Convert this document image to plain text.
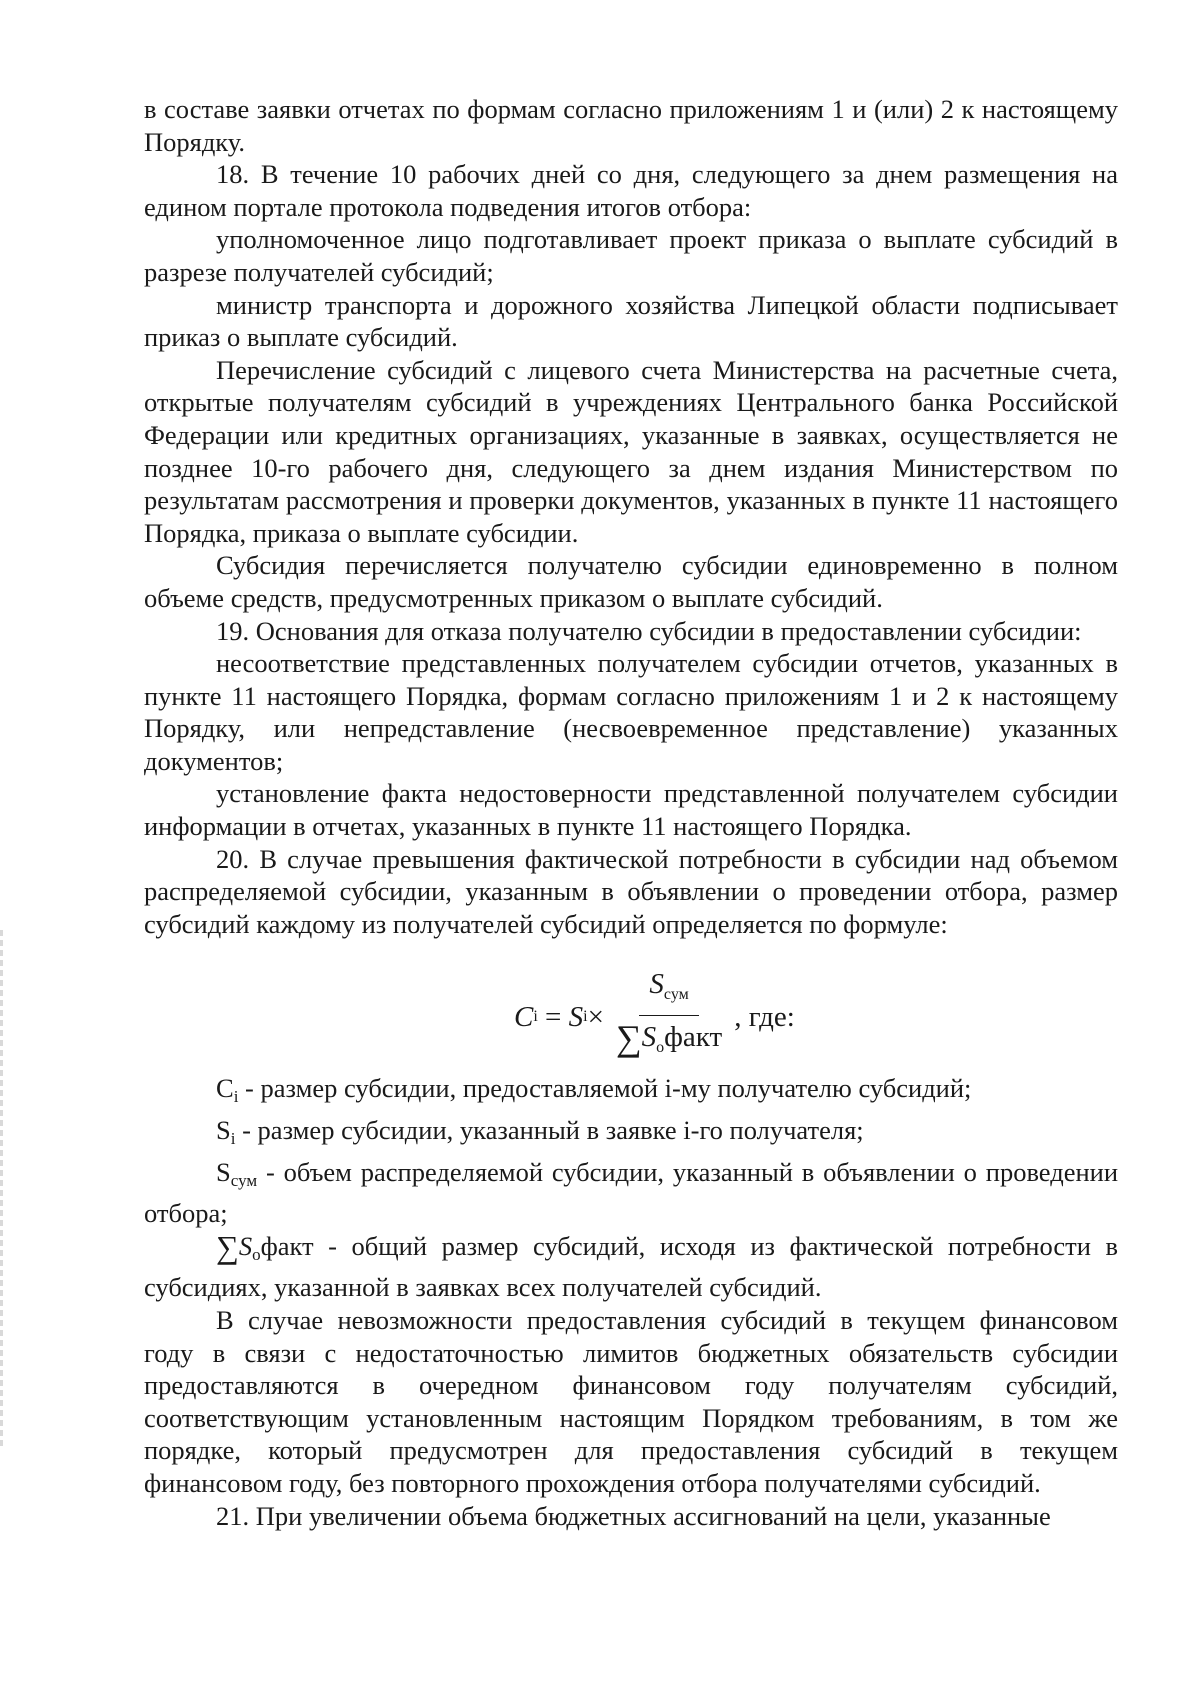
в составе заявки отчетах по формам согласно приложениям 1 и (или) 2 к настоящему Порядку.

18. В течение 10 рабочих дней со дня, следующего за днем размещения на едином портале протокола подведения итогов отбора:

уполномоченное лицо подготавливает проект приказа о выплате субсидий в разрезе получателей субсидий;

министр транспорта и дорожного хозяйства Липецкой области подписывает приказ о выплате субсидий.

Перечисление субсидий с лицевого счета Министерства на расчетные счета, открытые получателям субсидий в учреждениях Центрального банка Российской Федерации или кредитных организациях, указанные в заявках, осуществляется не позднее 10-го рабочего дня, следующего за днем издания Министерством по результатам рассмотрения и проверки документов, указанных в пункте 11 настоящего Порядка, приказа о выплате субсидии.

Субсидия перечисляется получателю субсидии единовременно в полном объеме средств, предусмотренных приказом о выплате субсидий.

19. Основания для отказа получателю субсидии в предоставлении субсидии:

несоответствие представленных получателем субсидии отчетов, указанных в пункте 11 настоящего Порядка, формам согласно приложениям 1 и 2 к настоящему Порядку, или непредставление (несвоевременное представление) указанных документов;

установление факта недостоверности представленной получателем субсидии информации в отчетах, указанных в пункте 11 настоящего Порядка.

20. В случае превышения фактической потребности в субсидии над объемом распределяемой субсидии, указанным в объявлении о проведении отбора, размер субсидий каждому из получателей субсидий определяется по формуле:

C i = S $i \times \frac{S_{сум}}{\sum S_офакт}$ , где:

Ci - размер субсидии, предоставляемой i-му получателю субсидий;

Si - размер субсидии, указанный в заявке i-го получателя;

Sсум - объем распределяемой субсидии, указанный в объявлении о проведении отбора;

∑Sофакт - общий размер субсидий, исходя из фактической потребности в субсидиях, указанной в заявках всех получателей субсидий.

В случае невозможности предоставления субсидий в текущем финансовом году в связи с недостаточностью лимитов бюджетных обязательств субсидии предоставляются в очередном финансовом году получателям субсидий, соответствующим установленным настоящим Порядком требованиям, в том же порядке, который предусмотрен для предоставления субсидий в текущем финансовом году, без повторного прохождения отбора получателями субсидий.

21. При увеличении объема бюджетных ассигнований на цели, указанные
